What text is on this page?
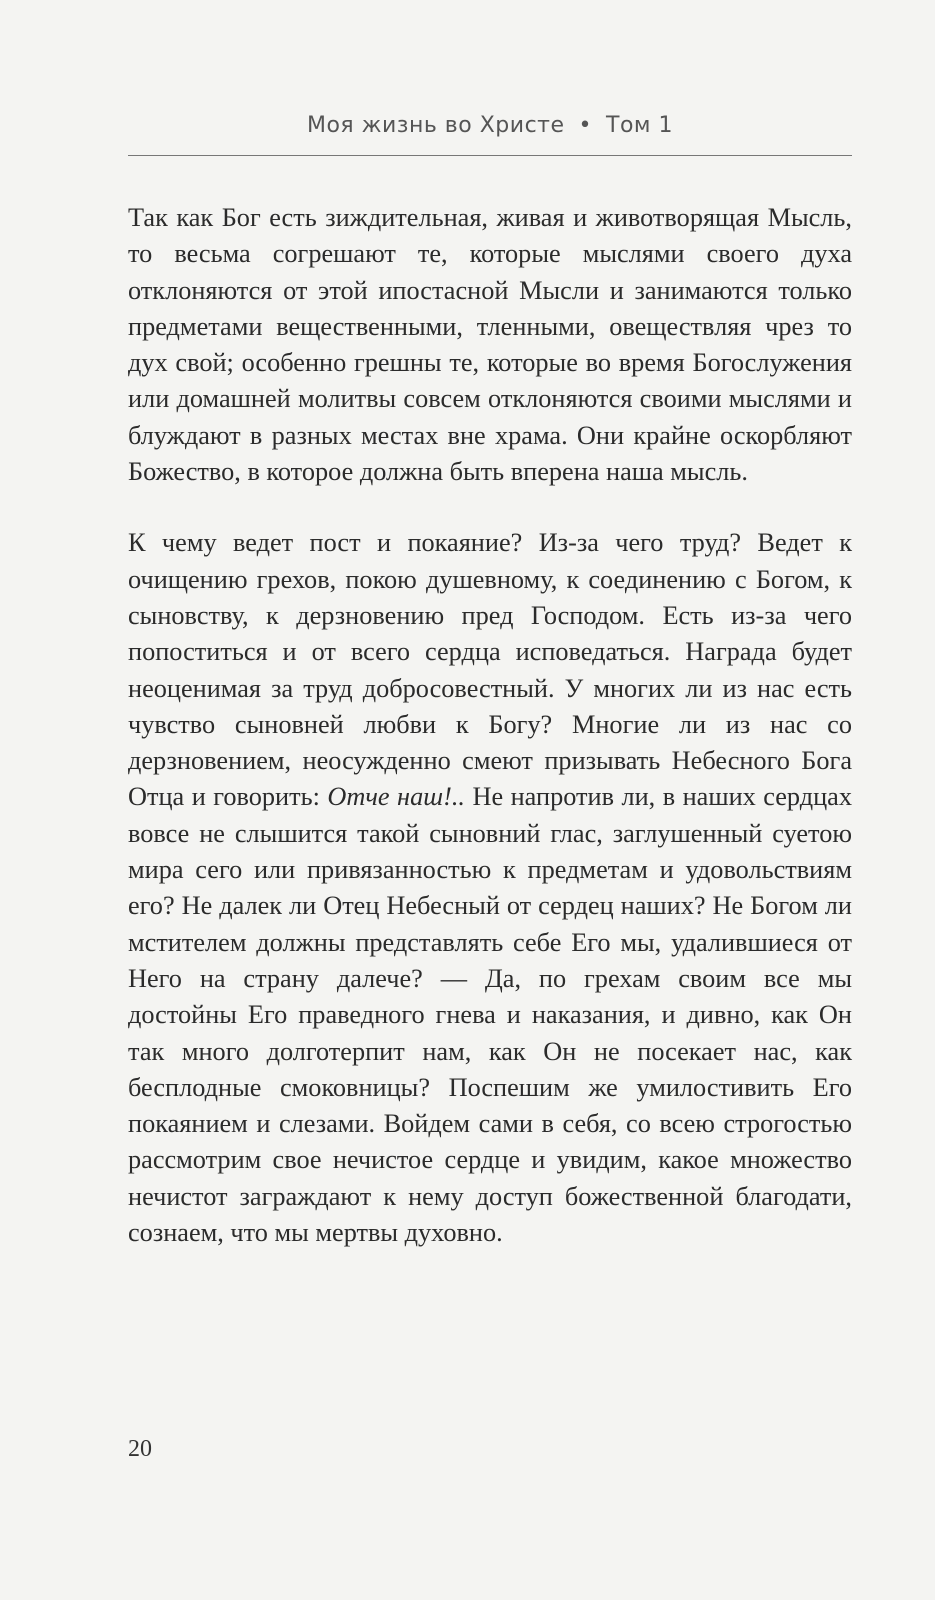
Моя жизнь во Христе • Том 1

Так как Бог есть зиждительная, живая и животворящая Мысль, то весьма согрешают те, которые мыслями своего духа отклоняются от этой ипостасной Мысли и занимаются только предметами вещественными, тленными, овеществляя чрез то дух свой; особенно грешны те, которые во время Богослужения или домашней молитвы совсем отклоняются своими мыслями и блуждают в разных местах вне храма. Они крайне оскорбляют Божество, в которое должна быть вперена наша мысль.

К чему ведет пост и покаяние? Из-за чего труд? Ведет к очищению грехов, покою душевному, к соединению с Богом, к сыновству, к дерзновению пред Господом. Есть из-за чего попоститься и от всего сердца исповедаться. Награда будет неоценимая за труд добросовестный. У многих ли из нас есть чувство сыновней любви к Богу? Многие ли из нас со дерзновением, неосужденно смеют призывать Небесного Бога Отца и говорить: Отче наш!.. Не напротив ли, в наших сердцах вовсе не слышится такой сыновний глас, заглушенный суетою мира сего или привязанностью к предметам и удовольствиям его? Не далек ли Отец Небесный от сердец наших? Не Богом ли мстителем должны представлять себе Его мы, удалившиеся от Него на страну далече? — Да, по грехам своим все мы достойны Его праведного гнева и наказания, и дивно, как Он так много долготерпит нам, как Он не посекает нас, как бесплодные смоковницы? Поспешим же умилостивить Его покаянием и слезами. Войдем сами в себя, со всею строгостью рассмотрим свое нечистое сердце и увидим, какое множество нечистот заграждают к нему доступ божественной благодати, сознаем, что мы мертвы духовно.

20
